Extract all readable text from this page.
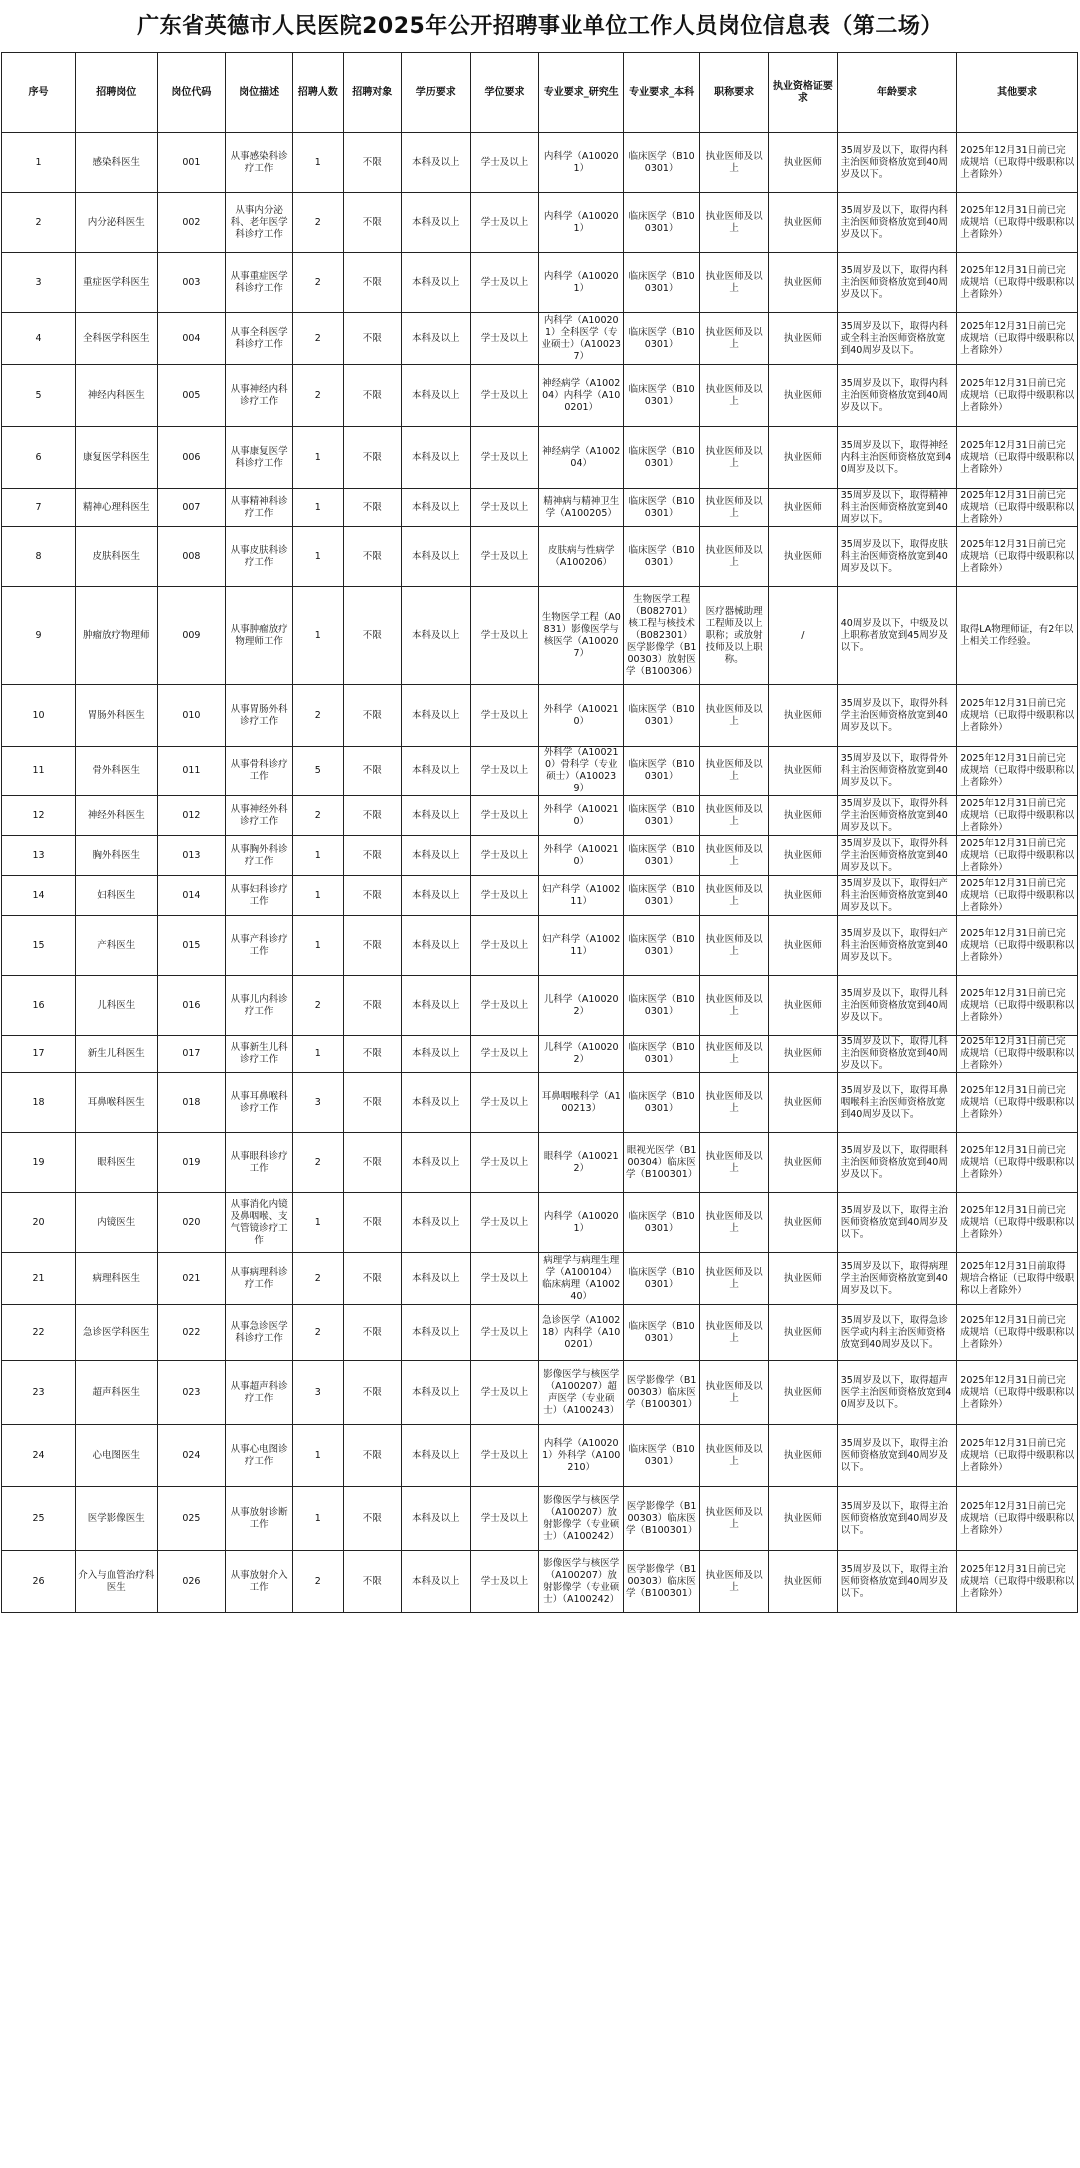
广东省英德市人民医院2025年公开招聘事业单位工作人员岗位信息表（第二场）
序号	招聘岗位	岗位代码	岗位描述	招聘人数	招聘对象	学历要求	学位要求	专业要求_研究生	专业要求_本科	职称要求	执业资格证要求	年龄要求	其他要求
1	感染科医生	001	从事感染科诊疗工作	1	不限	本科及以上	学士及以上	内科学（A100201）	临床医学（B100301）	执业医师及以上	执业医师	35周岁及以下，取得内科主治医师资格放宽到40周岁及以下。	2025年12月31日前已完成规培（已取得中级职称以上者除外）
2	内分泌科医生	002	从事内分泌科、老年医学科诊疗工作	2	不限	本科及以上	学士及以上	内科学（A100201）	临床医学（B100301）	执业医师及以上	执业医师	35周岁及以下，取得内科主治医师资格放宽到40周岁及以下。	2025年12月31日前已完成规培（已取得中级职称以上者除外）
3	重症医学科医生	003	从事重症医学科诊疗工作	2	不限	本科及以上	学士及以上	内科学（A100201）	临床医学（B100301）	执业医师及以上	执业医师	35周岁及以下，取得内科主治医师资格放宽到40周岁及以下。	2025年12月31日前已完成规培（已取得中级职称以上者除外）
4	全科医学科医生	004	从事全科医学科诊疗工作	2	不限	本科及以上	学士及以上	内科学（A100201）全科医学（专业硕士）（A100237）	临床医学（B100301）	执业医师及以上	执业医师	35周岁及以下，取得内科或全科主治医师资格放宽到40周岁及以下。	2025年12月31日前已完成规培（已取得中级职称以上者除外）
5	神经内科医生	005	从事神经内科诊疗工作	2	不限	本科及以上	学士及以上	神经病学（A100204）内科学（A100201）	临床医学（B100301）	执业医师及以上	执业医师	35周岁及以下，取得内科主治医师资格放宽到40周岁及以下。	2025年12月31日前已完成规培（已取得中级职称以上者除外）
6	康复医学科医生	006	从事康复医学科诊疗工作	1	不限	本科及以上	学士及以上	神经病学（A100204）	临床医学（B100301）	执业医师及以上	执业医师	35周岁及以下，取得神经内科主治医师资格放宽到40周岁及以下。	2025年12月31日前已完成规培（已取得中级职称以上者除外）
7	精神心理科医生	007	从事精神科诊疗工作	1	不限	本科及以上	学士及以上	精神病与精神卫生学（A100205）	临床医学（B100301）	执业医师及以上	执业医师	35周岁及以下，取得精神科主治医师资格放宽到40周岁以下。	2025年12月31日前已完成规培（已取得中级职称以上者除外）
8	皮肤科医生	008	从事皮肤科诊疗工作	1	不限	本科及以上	学士及以上	皮肤病与性病学（A100206）	临床医学（B100301）	执业医师及以上	执业医师	35周岁及以下，取得皮肤科主治医师资格放宽到40周岁及以下。	2025年12月31日前已完成规培（已取得中级职称以上者除外）
9	肿瘤放疗物理师	009	从事肿瘤放疗物理师工作	1	不限	本科及以上	学士及以上	生物医学工程（A0831）影像医学与核医学（A100207）	生物医学工程（B082701）核工程与核技术（B082301）医学影像学（B100303）放射医学（B100306）	医疗器械助理工程师及以上职称；或放射技师及以上职称。	/	40周岁及以下，中级及以上职称者放宽到45周岁及以下。	取得LA物理师证，有2年以上相关工作经验。
10	胃肠外科医生	010	从事胃肠外科诊疗工作	2	不限	本科及以上	学士及以上	外科学（A100210）	临床医学（B100301）	执业医师及以上	执业医师	35周岁及以下，取得外科学主治医师资格放宽到40周岁及以下。	2025年12月31日前已完成规培（已取得中级职称以上者除外）
11	骨外科医生	011	从事骨科诊疗工作	5	不限	本科及以上	学士及以上	外科学（A100210）骨科学（专业硕士）（A100239）	临床医学（B100301）	执业医师及以上	执业医师	35周岁及以下，取得骨外科主治医师资格放宽到40周岁及以下。	2025年12月31日前已完成规培（已取得中级职称以上者除外）
12	神经外科医生	012	从事神经外科诊疗工作	2	不限	本科及以上	学士及以上	外科学（A100210）	临床医学（B100301）	执业医师及以上	执业医师	35周岁及以下，取得外科学主治医师资格放宽到40周岁及以下。	2025年12月31日前已完成规培（已取得中级职称以上者除外）
13	胸外科医生	013	从事胸外科诊疗工作	1	不限	本科及以上	学士及以上	外科学（A100210）	临床医学（B100301）	执业医师及以上	执业医师	35周岁及以下，取得外科学主治医师资格放宽到40周岁及以下。	2025年12月31日前已完成规培（已取得中级职称以上者除外）
14	妇科医生	014	从事妇科诊疗工作	1	不限	本科及以上	学士及以上	妇产科学（A100211）	临床医学（B100301）	执业医师及以上	执业医师	35周岁及以下，取得妇产科主治医师资格放宽到40周岁及以下。	2025年12月31日前已完成规培（已取得中级职称以上者除外）
15	产科医生	015	从事产科诊疗工作	1	不限	本科及以上	学士及以上	妇产科学（A100211）	临床医学（B100301）	执业医师及以上	执业医师	35周岁及以下，取得妇产科主治医师资格放宽到40周岁及以下。	2025年12月31日前已完成规培（已取得中级职称以上者除外）
16	儿科医生	016	从事儿内科诊疗工作	2	不限	本科及以上	学士及以上	儿科学（A100202）	临床医学（B100301）	执业医师及以上	执业医师	35周岁及以下，取得儿科主治医师资格放宽到40周岁及以下。	2025年12月31日前已完成规培（已取得中级职称以上者除外）
17	新生儿科医生	017	从事新生儿科诊疗工作	1	不限	本科及以上	学士及以上	儿科学（A100202）	临床医学（B100301）	执业医师及以上	执业医师	35周岁及以下，取得儿科主治医师资格放宽到40周岁及以下。	2025年12月31日前已完成规培（已取得中级职称以上者除外）
18	耳鼻喉科医生	018	从事耳鼻喉科诊疗工作	3	不限	本科及以上	学士及以上	耳鼻咽喉科学（A100213）	临床医学（B100301）	执业医师及以上	执业医师	35周岁及以下，取得耳鼻咽喉科主治医师资格放宽到40周岁及以下。	2025年12月31日前已完成规培（已取得中级职称以上者除外）
19	眼科医生	019	从事眼科诊疗工作	2	不限	本科及以上	学士及以上	眼科学（A100212）	眼视光医学（B100304）临床医学（B100301）	执业医师及以上	执业医师	35周岁及以下，取得眼科主治医师资格放宽到40周岁及以下。	2025年12月31日前已完成规培（已取得中级职称以上者除外）
20	内镜医生	020	从事消化内镜及鼻咽喉、支气管镜诊疗工作	1	不限	本科及以上	学士及以上	内科学（A100201）	临床医学（B100301）	执业医师及以上	执业医师	35周岁及以下，取得主治医师资格放宽到40周岁及以下。	2025年12月31日前已完成规培（已取得中级职称以上者除外）
21	病理科医生	021	从事病理科诊疗工作	2	不限	本科及以上	学士及以上	病理学与病理生理学（A100104）临床病理（A100240）	临床医学（B100301）	执业医师及以上	执业医师	35周岁及以下，取得病理学主治医师资格放宽到40周岁及以下。	2025年12月31日前取得规培合格证（已取得中级职称以上者除外）
22	急诊医学科医生	022	从事急诊医学科诊疗工作	2	不限	本科及以上	学士及以上	急诊医学（A100218）内科学（A100201）	临床医学（B100301）	执业医师及以上	执业医师	35周岁及以下，取得急诊医学或内科主治医师资格放宽到40周岁及以下。	2025年12月31日前已完成规培（已取得中级职称以上者除外）
23	超声科医生	023	从事超声科诊疗工作	3	不限	本科及以上	学士及以上	影像医学与核医学（A100207）超声医学（专业硕士）（A100243）	医学影像学（B100303）临床医学（B100301）	执业医师及以上	执业医师	35周岁及以下，取得超声医学主治医师资格放宽到40周岁及以下。	2025年12月31日前已完成规培（已取得中级职称以上者除外）
24	心电图医生	024	从事心电图诊疗工作	1	不限	本科及以上	学士及以上	内科学（A100201）外科学（A100210）	临床医学（B100301）	执业医师及以上	执业医师	35周岁及以下，取得主治医师资格放宽到40周岁及以下。	2025年12月31日前已完成规培（已取得中级职称以上者除外）
25	医学影像医生	025	从事放射诊断工作	1	不限	本科及以上	学士及以上	影像医学与核医学（A100207）放射影像学（专业硕士）（A100242）	医学影像学（B100303）临床医学（B100301）	执业医师及以上	执业医师	35周岁及以下，取得主治医师资格放宽到40周岁及以下。	2025年12月31日前已完成规培（已取得中级职称以上者除外）
26	介入与血管治疗科医生	026	从事放射介入工作	2	不限	本科及以上	学士及以上	影像医学与核医学（A100207）放射影像学（专业硕士）（A100242）	医学影像学（B100303）临床医学（B100301）	执业医师及以上	执业医师	35周岁及以下，取得主治医师资格放宽到40周岁及以下。	2025年12月31日前已完成规培（已取得中级职称以上者除外）
